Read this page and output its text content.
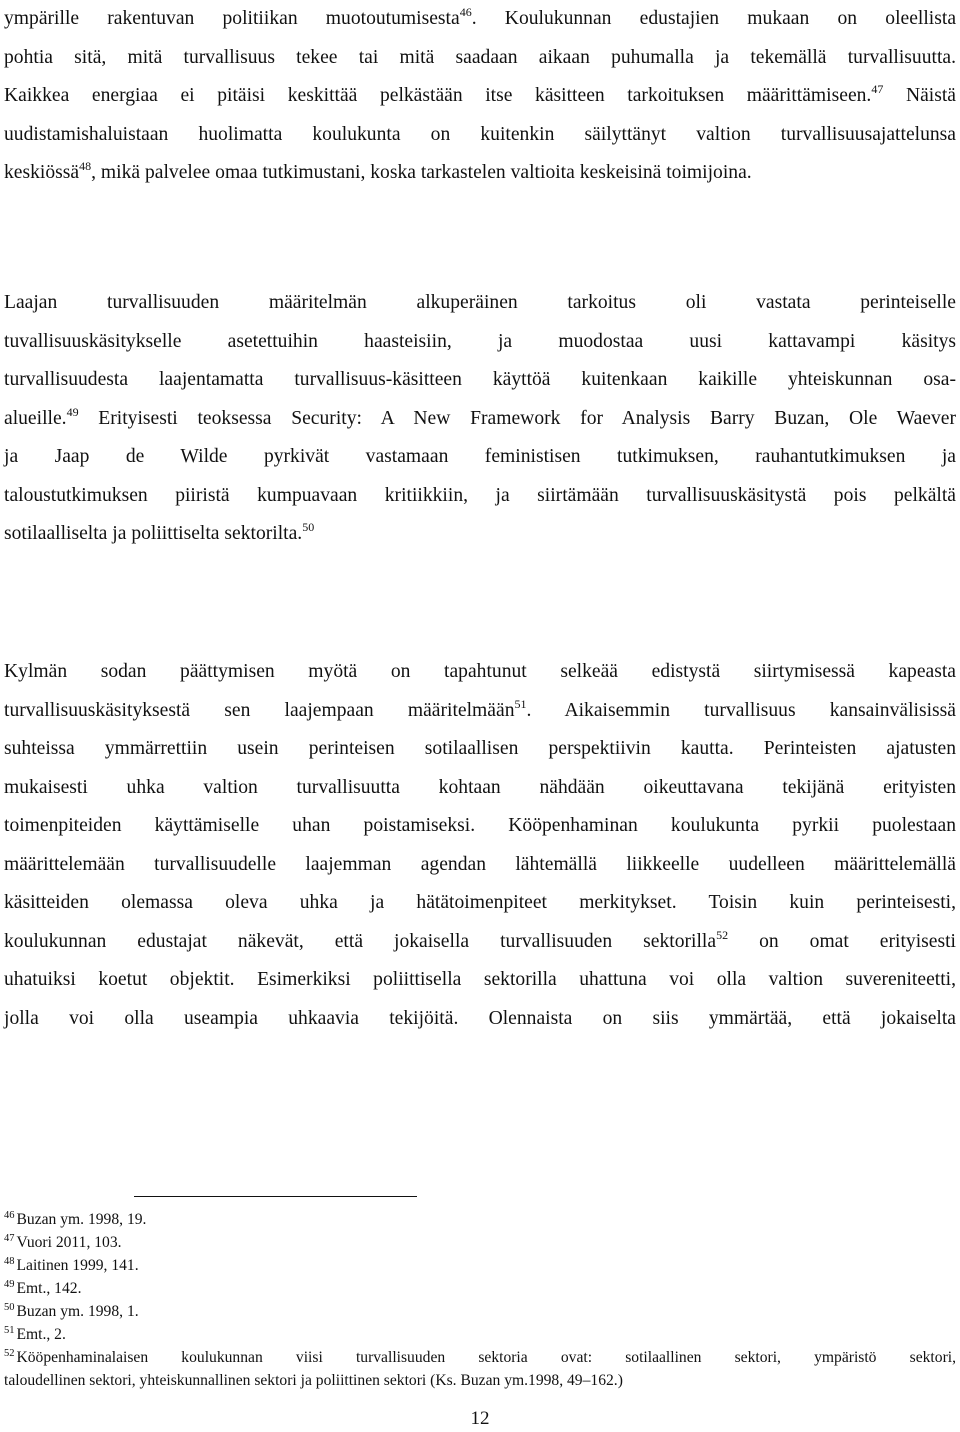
ympärille rakentuvan politiikan muotoutumisesta$^{46}$. Koulukunnan edustajien mukaan on oleellista
pohtia sitä, mitä turvallisuus tekee tai mitä saadaan aikaan puhumalla ja tekemällä turvallisuutta.
Kaikkea energiaa ei pitäisi keskittää pelkästään itse käsitteen tarkoituksen määrittämiseen.$^{47}$ Näistä
uudistamishaluistaan huolimatta koulukunta on kuitenkin säilyttänyt valtion turvallisuusajattelunsa
keskiössä$^{48}$, mikä palvelee omaa tutkimustani, koska tarkastelen valtioita keskeisinä toimijoina.
Laajan turvallisuuden määritelmän alkuperäinen tarkoitus oli vastata perinteiselle
tuvallisuuskäsitykselle asetettuihin haasteisiin, ja muodostaa uusi kattavampi käsitys
turvallisuudesta laajentamatta turvallisuus-käsitteen käyttöä kuitenkaan kaikille yhteiskunnan osa-
alueille.$^{49}$ Erityisesti teoksessa Security: A New Framework for Analysis Barry Buzan, Ole Waever
ja Jaap de Wilde pyrkivät vastamaan feministisen tutkimuksen, rauhantutkimuksen ja
taloustutkimuksen piiristä kumpuavaan kritiikkiin, ja siirtämään turvallisuuskäsitystä pois pelkältä
sotilaalliselta ja poliittiselta sektorilta.$^{50}$
Kylmän sodan päättymisen myötä on tapahtunut selkeää edistystä siirtymisessä kapeasta
turvallisuuskäsityksestä sen laajempaan määritelmään$^{51}$. Aikaisemmin turvallisuus kansainvälisissä
suhteissa ymmärrettiin usein perinteisen sotilaallisen perspektiivin kautta. Perinteisten ajatusten
mukaisesti uhka valtion turvallisuutta kohtaan nähdään oikeuttavana tekijänä erityisten
toimenpiteiden käyttämiselle uhan poistamiseksi. Kööpenhaminan koulukunta pyrkii puolestaan
määrittelemään turvallisuudelle laajemman agendan lähtemällä liikkeelle uudelleen määrittelemällä
käsitteiden olemassa oleva uhka ja hätätoimenpiteet merkitykset. Toisin kuin perinteisesti,
koulukunnan edustajat näkevät, että jokaisella turvallisuuden sektorilla$^{52}$ on omat erityisesti
uhatuiksi koetut objektit. Esimerkiksi poliittisella sektorilla uhattuna voi olla valtion suvereniteetti,
jolla voi olla useampia uhkaavia tekijöitä. Olennaista on siis ymmärtää, että jokaiselta
$^{46}$ Buzan ym. 1998, 19.
$^{47}$ Vuori 2011, 103.
$^{48}$ Laitinen 1999, 141.
$^{49}$ Emt., 142.
$^{50}$ Buzan ym. 1998, 1.
$^{51}$ Emt., 2.
$^{52}$ Kööpenhaminalaisen koulukunnan viisi turvallisuuden sektoria ovat: sotilaallinen sektori, ympäristö sektori,
taloudellinen sektori, yhteiskunnallinen sektori ja poliittinen sektori (Ks. Buzan ym.1998, 49–162.)
12
